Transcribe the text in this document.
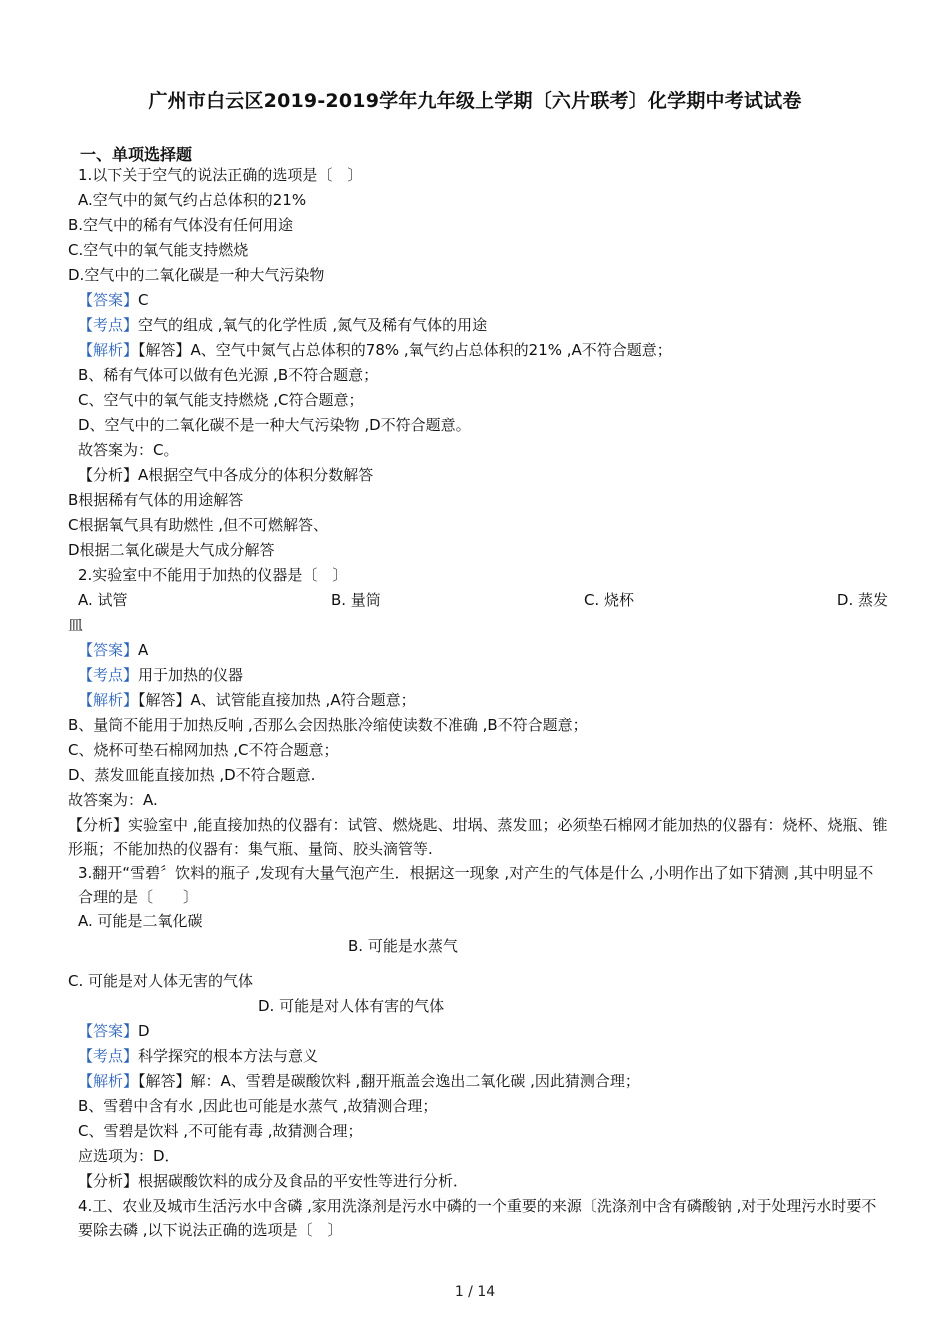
广州市白云区2019-2019学年九年级上学期〔六片联考〕化学期中考试试卷
一、单项选择题
1.以下关于空气的说法正确的选项是〔　〕
A.空气中的氮气约占总体积的21%
B.空气中的稀有气体没有任何用途
C.空气中的氧气能支持燃烧
D.空气中的二氧化碳是一种大气污染物
【答案】C
【考点】空气的组成 ,氧气的化学性质 ,氮气及稀有气体的用途
【解析】【解答】A、空气中氮气占总体积的78% ,氧气约占总体积的21% ,A不符合题意；
B、稀有气体可以做有色光源 ,B不符合题意；
C、空气中的氧气能支持燃烧 ,C符合题意；
D、空气中的二氧化碳不是一种大气污染物 ,D不符合题意。
故答案为：C。
【分析】A根据空气中各成分的体积分数解答
B根据稀有气体的用途解答
C根据氧气具有助燃性 ,但不可燃解答、
D根据二氧化碳是大气成分解答
2.实验室中不能用于加热的仪器是〔　〕
A. 试管	B. 量筒	C. 烧杯	D. 蒸发
皿
【答案】A
【考点】用于加热的仪器
【解析】【解答】A、试管能直接加热 ,A符合题意；
B、量筒不能用于加热反响 ,否那么会因热胀冷缩使读数不准确 ,B不符合题意；
C、烧杯可垫石棉网加热 ,C不符合题意；
D、蒸发皿能直接加热 ,D不符合题意.
故答案为：A.
【分析】实验室中 ,能直接加热的仪器有：试管、燃烧匙、坩埚、蒸发皿；必须垫石棉网才能加热的仪器有：烧杯、烧瓶、锥形瓶；不能加热的仪器有：集气瓶、量筒、胶头滴管等.
3.翻开“雪碧〞饮料的瓶子 ,发现有大量气泡产生．根据这一现象 ,对产生的气体是什么 ,小明作出了如下猜测 ,其中明显不合理的是〔　　〕
A. 可能是二氧化碳
B. 可能是水蒸气
C. 可能是对人体无害的气体
D. 可能是对人体有害的气体
【答案】D
【考点】科学探究的根本方法与意义
【解析】【解答】解：A、雪碧是碳酸饮料 ,翻开瓶盖会逸出二氧化碳 ,因此猜测合理；
B、雪碧中含有水 ,因此也可能是水蒸气 ,故猜测合理；
C、雪碧是饮料 ,不可能有毒 ,故猜测合理；
应选项为：D．
【分析】根据碳酸饮料的成分及食品的平安性等进行分析．
4.工、农业及城市生活污水中含磷 ,家用洗涤剂是污水中磷的一个重要的来源〔洗涤剂中含有磷酸钠 ,对于处理污水时要不要除去磷 ,以下说法正确的选项是〔　〕
1 / 14
